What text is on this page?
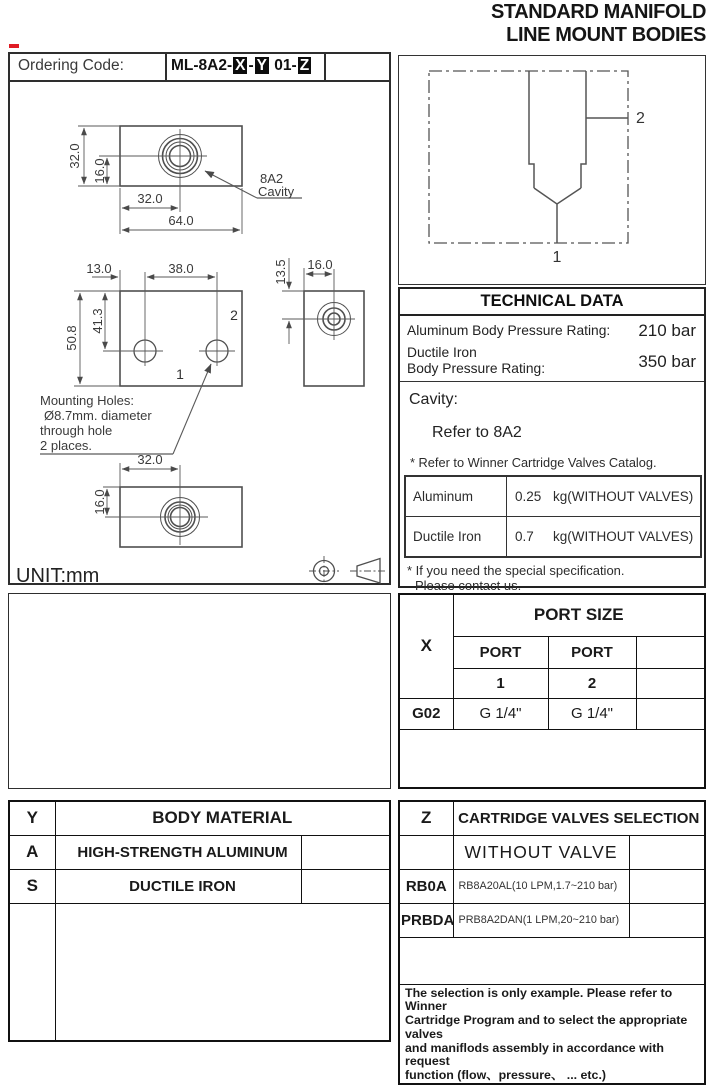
STANDARD MANIFOLD
LINE MOUNT BODIES
Ordering Code:	ML-8A2- X - Y 01- Z
32.0
16.0
32.0
64.0
8A2
Cavity
13.0	38.0
50.8
41.3	2
1
Mounting Holes:
Ø8.7mm. diameter
through hole
2 places.
13.5 16.0
32.0
16.0
UNIT:mm
2
1
TECHNICAL DATA
Aluminum Body Pressure Rating: 210 bar
Ductile Iron
Body Pressure Rating:	350 bar
Cavity:
Refer to 8A2
* Refer to Winner Cartridge Valves Catalog.
Aluminum	0.25 kg(WITHOUT VALVES)
Ductile Iron	0.7 kg(WITHOUT VALVES)
* If you need the special specification.
Please contact us.
X	PORT SIZE		
	PORT	PORT	
	1	2	
G02	G 1/4"	G 1/4"	

Y	BODY MATERIAL	
A	HIGH-STRENGTH ALUMINUM	
S	DUCTILE IRON	

Z	CARTRIDGE VALVES SELECTION	
	WITHOUT VALVE	
RB0A	RB8A20AL(10 LPM,1.7~210 bar)	
PRBDA	PRB8A2DAN(1 LPM,20~210 bar)	

The selection is only example. Please refer to Winner
Cartridge Program and to select the appropriate valves
and maniflods assembly in accordance with request
function (flow、pressure、 ... etc.)		
